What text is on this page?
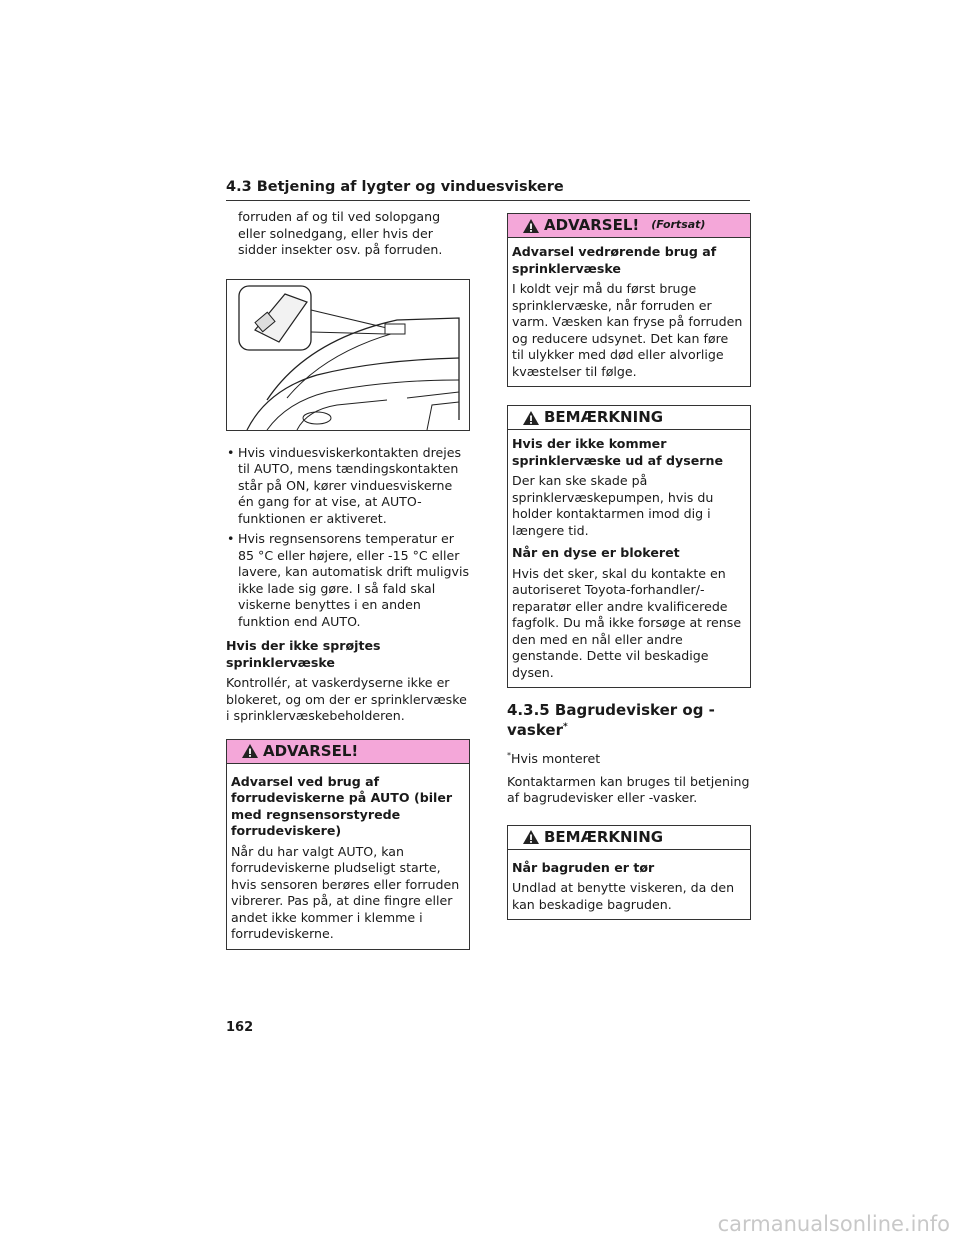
4.3 Betjening af lygter og vinduesviskere

forruden af og til ved solopgang eller solnedgang, eller hvis der sidder insekter osv. på forruden.

• Hvis vinduesviskerkontakten drejes til AUTO, mens tændingskontakten står på ON, kører vinduesviskerne én gang for at vise, at AUTO-funktionen er aktiveret.
• Hvis regnsensorens temperatur er 85 °C eller højere, eller -15 °C eller lavere, kan automatisk drift muligvis ikke lade sig gøre. I så fald skal viskerne benyttes i en anden funktion end AUTO.
Hvis der ikke sprøjtes sprinklervæske

Kontrollér, at vaskerdyserne ikke er blokeret, og om der er sprinklervæske i sprinklervæskebeholderen.

ADVARSEL!
Advarsel ved brug af forrudeviskerne på AUTO (biler med regnsensorstyrede forrudeviskere)
Når du har valgt AUTO, kan forrudeviskerne pludseligt starte, hvis sensoren berøres eller forruden vibrerer. Pas på, at dine fingre eller andet ikke kommer i klemme i forrudeviskerne.
ADVARSEL! (Fortsat)
Advarsel vedrørende brug af sprinklervæske
I koldt vejr må du først bruge sprinklervæske, når forruden er varm. Væsken kan fryse på forruden og reducere udsynet. Det kan føre til ulykker med død eller alvorlige kvæstelser til følge.
BEMÆRKNING
Hvis der ikke kommer sprinklervæske ud af dyserne
Der kan ske skade på sprinklervæskepumpen, hvis du holder kontaktarmen imod dig i længere tid.
Når en dyse er blokeret
Hvis det sker, skal du kontakte en autoriseret Toyota-forhandler/-reparatør eller andre kvalificerede fagfolk. Du må ikke forsøge at rense den med en nål eller andre genstande. Dette vil beskadige dysen.
4.3.5 Bagrudevisker og -vasker*
*Hvis monteret

Kontaktarmen kan bruges til betjening af bagrudevisker eller -vasker.

BEMÆRKNING
Når bagruden er tør
Undlad at benytte viskeren, da den kan beskadige bagruden.
162
carmanualsonline.info
